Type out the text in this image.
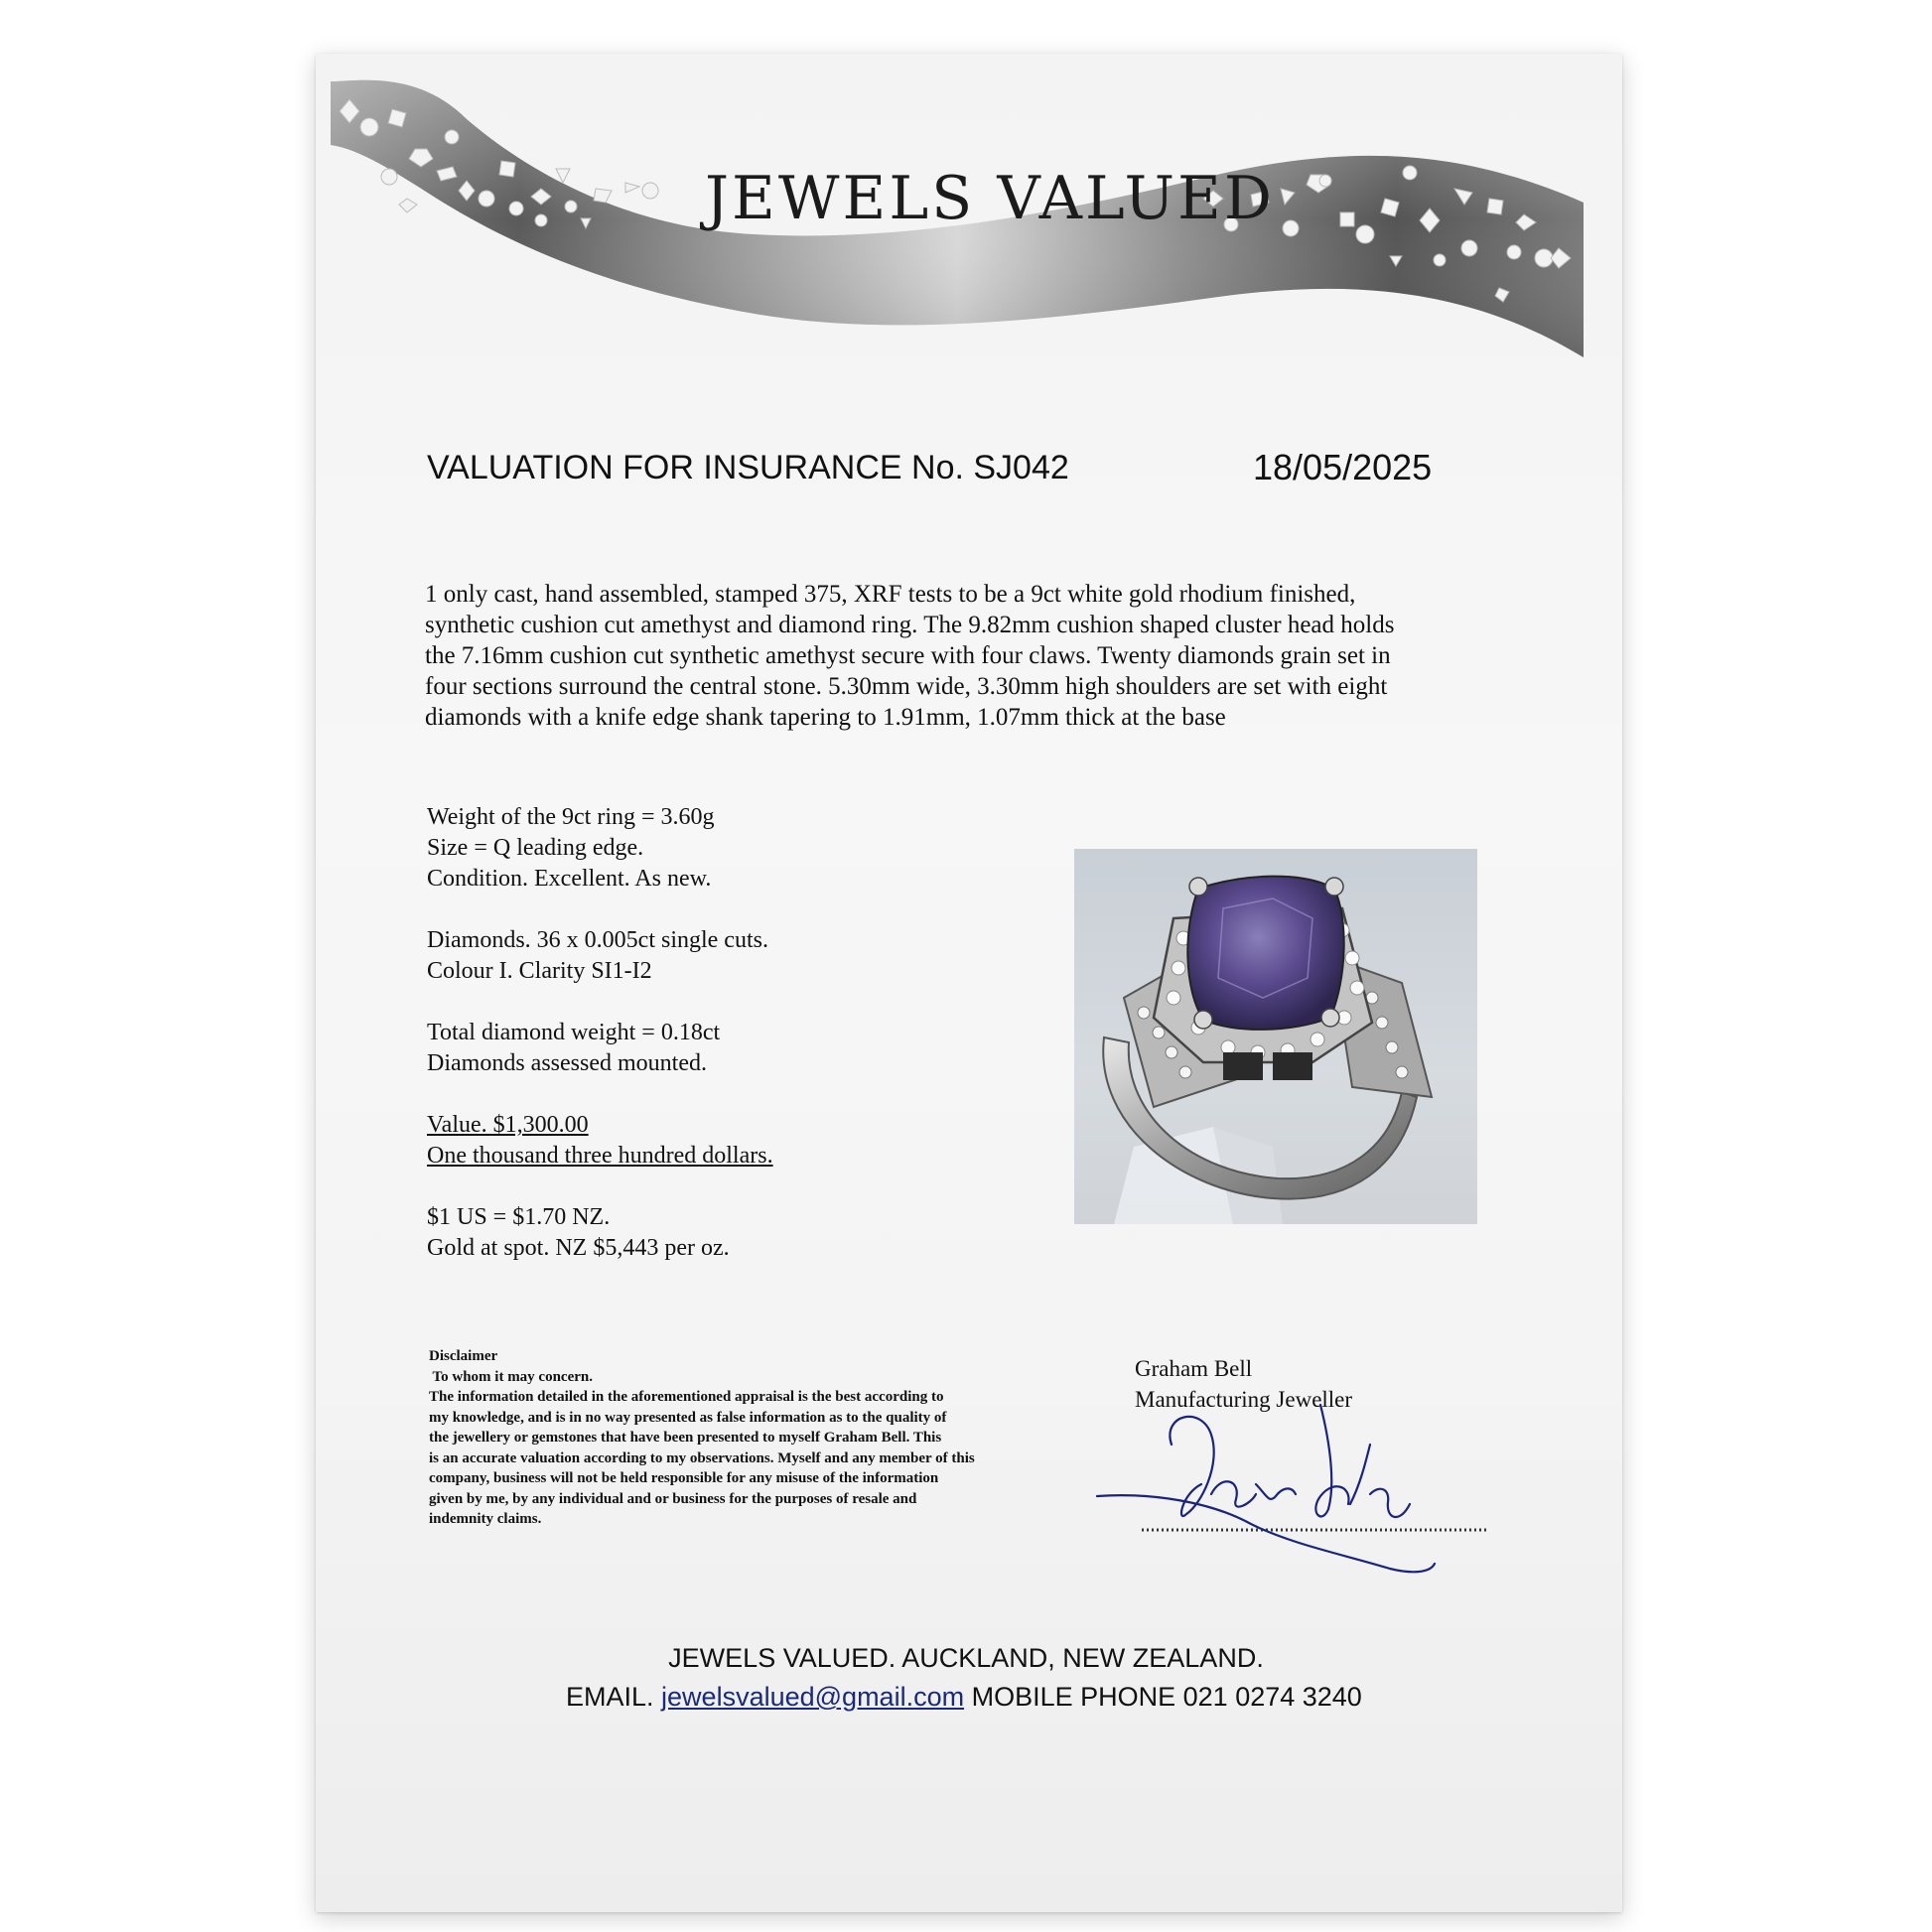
JEWELS VALUED
VALUATION FOR INSURANCE No. SJ042	18/05/2025
1 only cast, hand assembled, stamped 375, XRF tests to be a 9ct white gold rhodium finished,
synthetic cushion cut amethyst and diamond ring. The 9.82mm cushion shaped cluster head holds
the 7.16mm cushion cut synthetic amethyst secure with four claws. Twenty diamonds grain set in
four sections surround the central stone. 5.30mm wide, 3.30mm high shoulders are set with eight
diamonds with a knife edge shank tapering to 1.91mm, 1.07mm thick at the base
Weight of the 9ct ring = 3.60g
Size = Q leading edge.
Condition. Excellent. As new.
Diamonds. 36 x 0.005ct single cuts.
Colour I. Clarity SI1-I2
Total diamond weight = 0.18ct
Diamonds assessed mounted.
Value. $1,300.00
One thousand three hundred dollars.
$1 US = $1.70 NZ.
Gold at spot. NZ $5,443 per oz.
Disclaimer
To whom it may concern.
The information detailed in the aforementioned appraisal is the best according to
my knowledge, and is in no way presented as false information as to the quality of
the jewellery or gemstones that have been presented to myself Graham Bell. This
is an accurate valuation according to my observations. Myself and any member of this
company, business will not be held responsible for any misuse of the information
given by me, by any individual and or business for the purposes of resale and
indemnity claims.
Graham Bell
Manufacturing Jeweller
JEWELS VALUED. AUCKLAND, NEW ZEALAND.
EMAIL. jewelsvalued@gmail.com MOBILE PHONE 021 0274 3240
